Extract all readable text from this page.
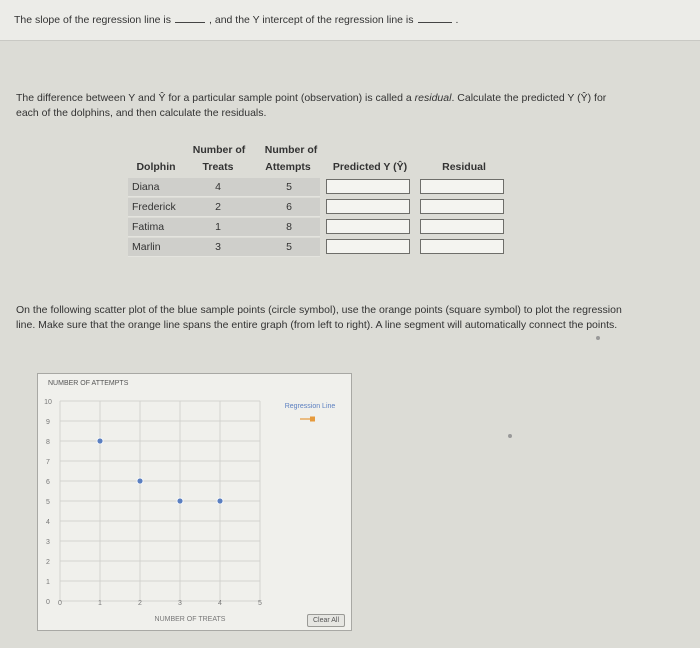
The slope of the regression line is	, and the Y intercept of the regression line is	.
The difference between Y and Ŷ for a particular sample point (observation) is called a residual. Calculate the predicted Y (Ŷ) for each of the dolphins, and then calculate the residuals.
Number of	Number of
Dolphin	Treats	Attempts	Predicted Y (Ŷ)	Residual
Diana	4	5
Frederick	2	6
Fatima	1	8
Marlin	3	5
On the following scatter plot of the blue sample points (circle symbol), use the orange points (square symbol) to plot the regression line. Make sure that the orange line spans the entire graph (from left to right). A line segment will automatically connect the points.
0	1	2	3	4	5
0
1
2
3
4
5
6
7
8
9
10
NUMBER OF ATTEMPTS
NUMBER OF TREATS
Regression Line
Clear All
